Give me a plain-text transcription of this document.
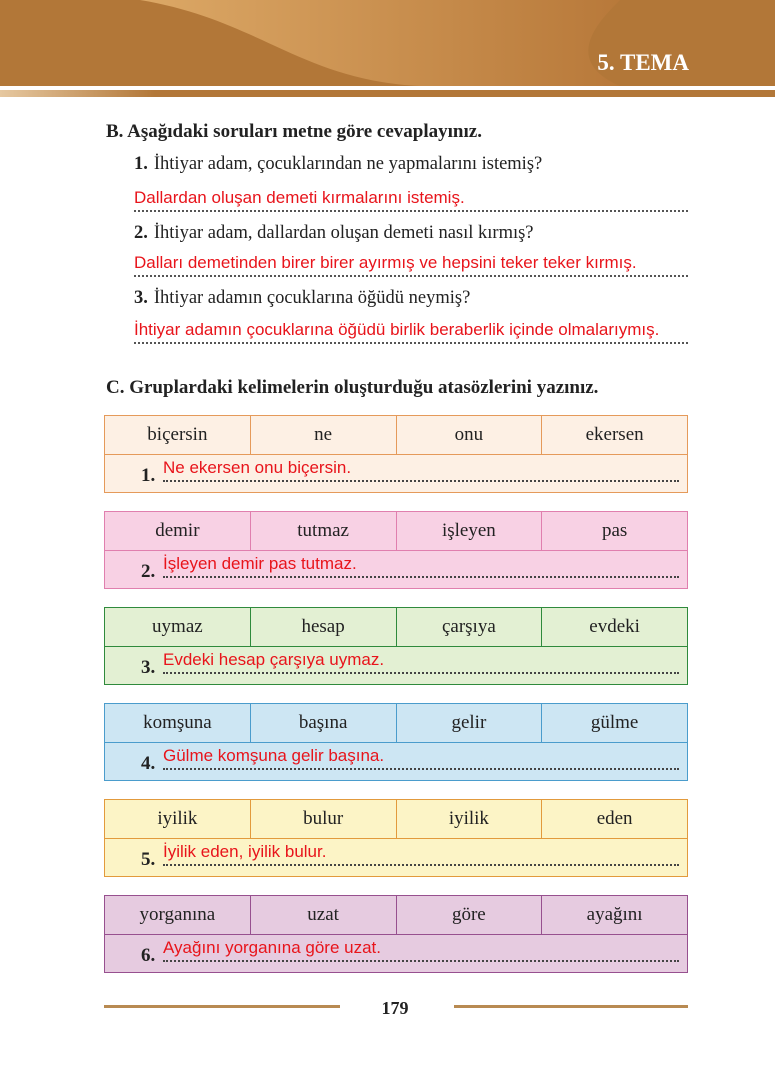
5. TEMA
B. Aşağıdaki soruları metne göre cevaplayınız.
1. İhtiyar adam, çocuklarından ne yapmalarını istemiş?
Dallardan oluşan demeti kırmalarını istemiş.
2. İhtiyar adam, dallardan oluşan demeti nasıl kırmış?
Dalları demetinden birer birer ayırmış ve hepsini teker teker kırmış.
3. İhtiyar adamın çocuklarına öğüdü neymiş?
İhtiyar adamın çocuklarına öğüdü birlik beraberlik içinde olmalarıymış.
C. Gruplardaki kelimelerin oluşturduğu atasözlerini yazınız.
biçersin	ne	onu	ekersen
1. Ne ekersen onu biçersin.
demir	tutmaz	işleyen	pas
2. İşleyen demir pas tutmaz.
uymaz	hesap	çarşıya	evdeki
3. Evdeki hesap çarşıya uymaz.
komşuna	başına	gelir	gülme
4. Gülme komşuna gelir başına.
iyilik	bulur	iyilik	eden
5. İyilik eden, iyilik bulur.
yorganına	uzat	göre	ayağını
6. Ayağını yorganına göre uzat.
179
